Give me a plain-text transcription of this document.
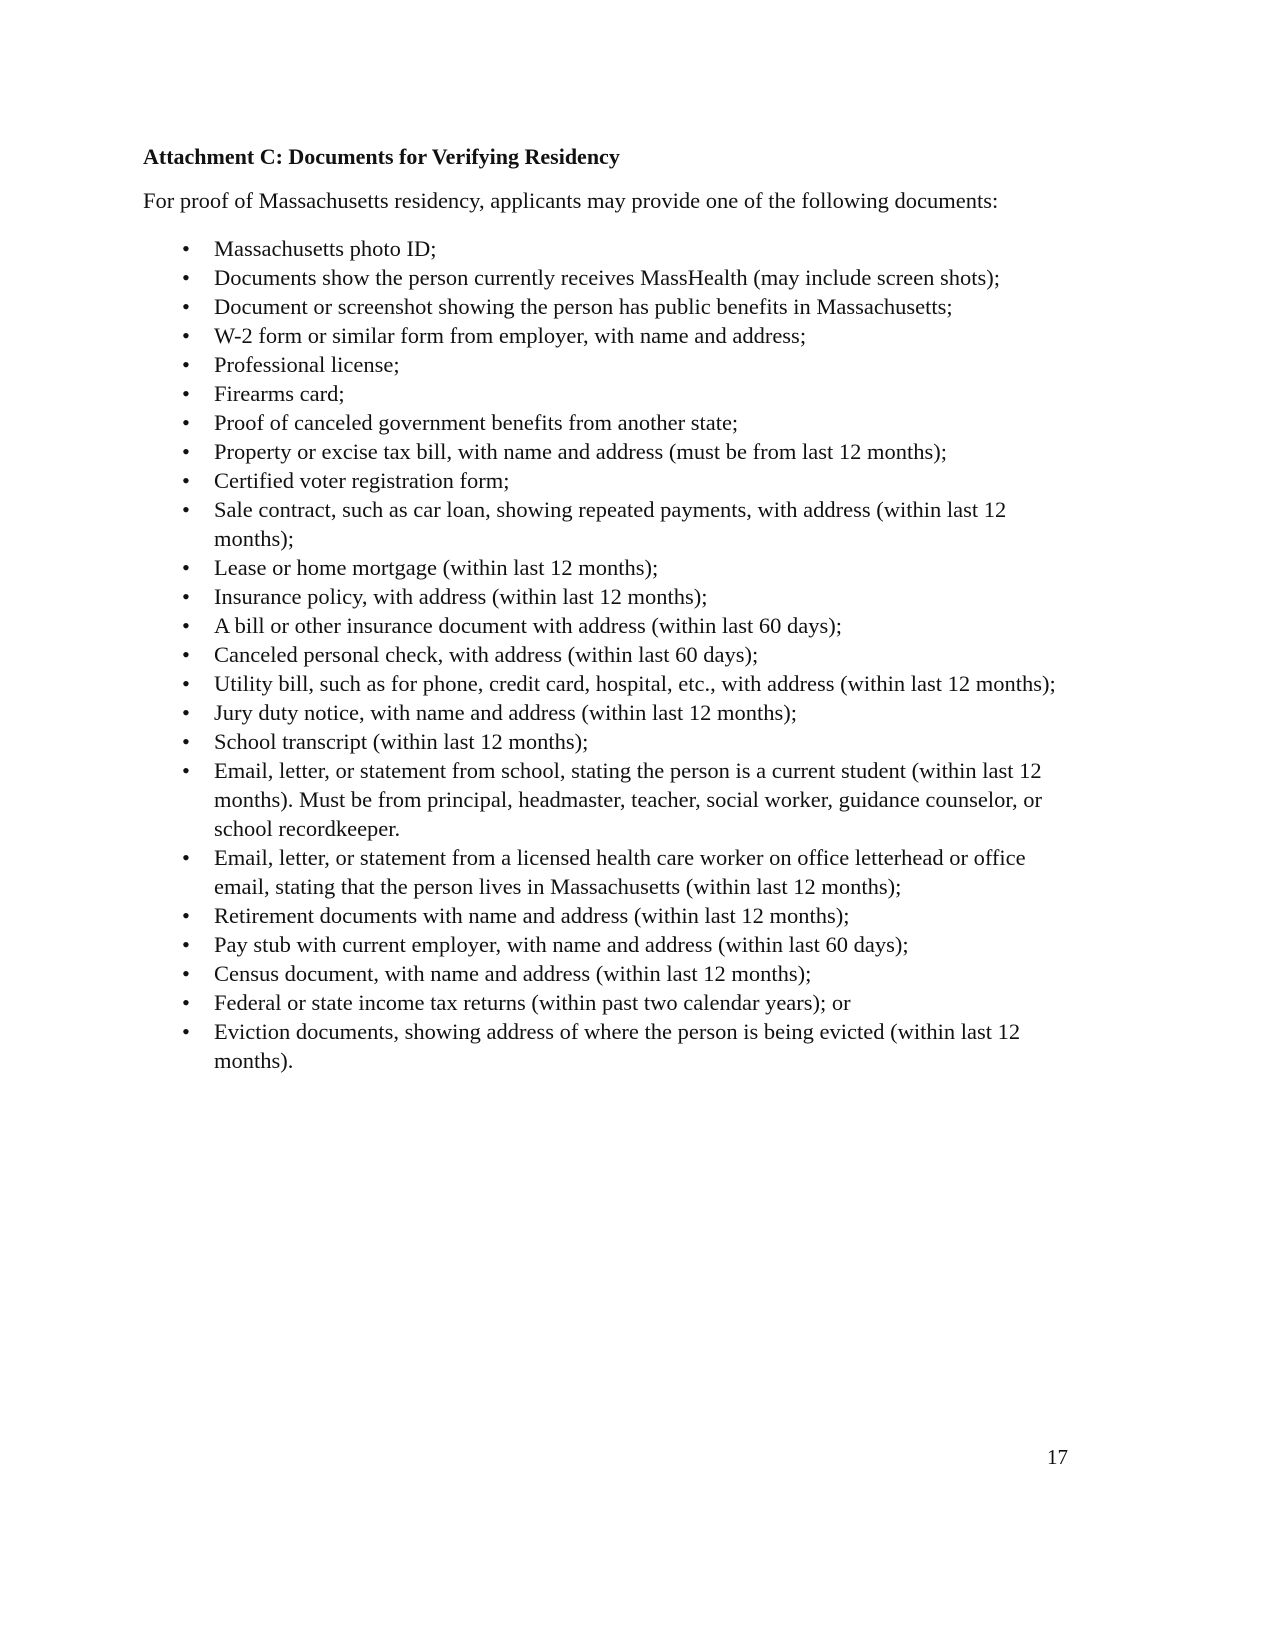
Attachment C: Documents for Verifying Residency

For proof of Massachusetts residency, applicants may provide one of the following documents:

• Massachusetts photo ID;
• Documents show the person currently receives MassHealth (may include screen shots);
• Document or screenshot showing the person has public benefits in Massachusetts;
• W-2 form or similar form from employer, with name and address;
• Professional license;
• Firearms card;
• Proof of canceled government benefits from another state;
• Property or excise tax bill, with name and address (must be from last 12 months);
• Certified voter registration form;
• Sale contract, such as car loan, showing repeated payments, with address (within last 12 months);
• Lease or home mortgage (within last 12 months);
• Insurance policy, with address (within last 12 months);
• A bill or other insurance document with address (within last 60 days);
• Canceled personal check, with address (within last 60 days);
• Utility bill, such as for phone, credit card, hospital, etc., with address (within last 12 months);
• Jury duty notice, with name and address (within last 12 months);
• School transcript (within last 12 months);
• Email, letter, or statement from school, stating the person is a current student (within last 12 months). Must be from principal, headmaster, teacher, social worker, guidance counselor, or school recordkeeper.
• Email, letter, or statement from a licensed health care worker on office letterhead or office email, stating that the person lives in Massachusetts (within last 12 months);
• Retirement documents with name and address (within last 12 months);
• Pay stub with current employer, with name and address (within last 60 days);
• Census document, with name and address (within last 12 months);
• Federal or state income tax returns (within past two calendar years); or
• Eviction documents, showing address of where the person is being evicted (within last 12 months).
17
